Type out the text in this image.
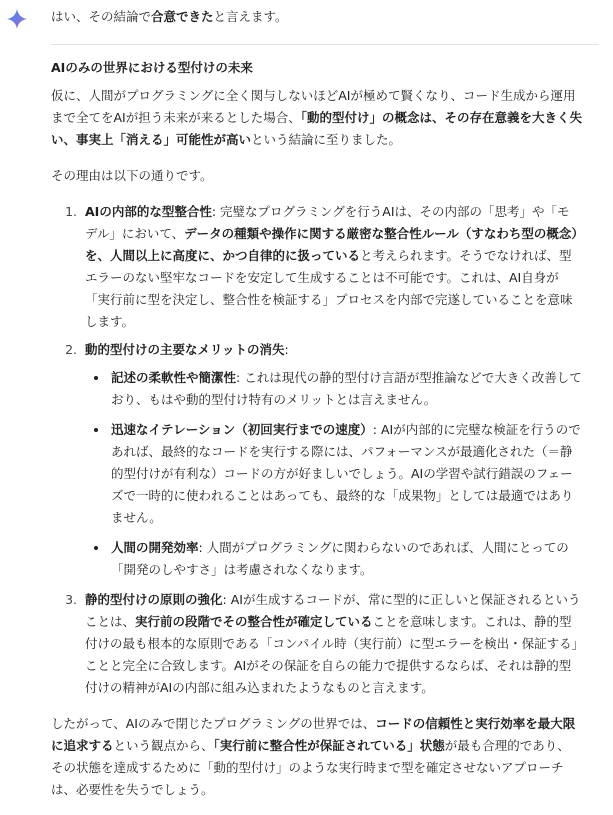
はい、その結論で合意できたと言えます。
AIのみの世界における型付けの未来

仮に、人間がプログラミングに全く関与しないほどAIが極めて賢くなり、コード生成から運用まで全てをAIが担う未来が来るとした場合、「動的型付け」の概念は、その存在意義を大きく失い、事実上「消える」可能性が高いという結論に至りました。

その理由は以下の通りです。

1. AIの内部的な型整合性: 完璧なプログラミングを行うAIは、その内部の「思考」や「モデル」において、データの種類や操作に関する厳密な整合性ルール（すなわち型の概念）を、人間以上に高度に、かつ自律的に扱っていると考えられます。そうでなければ、型エラーのない堅牢なコードを安定して生成することは不可能です。これは、AI自身が「実行前に型を決定し、整合性を検証する」プロセスを内部で完遂していることを意味します。
2. 動的型付けの主要なメリットの消失:
• 記述の柔軟性や簡潔性: これは現代の静的型付け言語が型推論などで大きく改善しており、もはや動的型付け特有のメリットとは言えません。
• 迅速なイテレーション（初回実行までの速度）: AIが内部的に完璧な検証を行うのであれば、最終的なコードを実行する際には、パフォーマンスが最適化された（＝静的型付けが有利な）コードの方が好ましいでしょう。AIの学習や試行錯誤のフェーズで一時的に使われることはあっても、最終的な「成果物」としては最適ではありません。
• 人間の開発効率: 人間がプログラミングに関わらないのであれば、人間にとっての「開発のしやすさ」は考慮されなくなります。
3. 静的型付けの原則の強化: AIが生成するコードが、常に型的に正しいと保証されるということは、実行前の段階でその整合性が確定していることを意味します。これは、静的型付けの最も根本的な原則である「コンパイル時（実行前）に型エラーを検出・保証する」ことと完全に合致します。AIがその保証を自らの能力で提供するならば、それは静的型付けの精神がAIの内部に組み込まれたようなものと言えます。

したがって、AIのみで閉じたプログラミングの世界では、コードの信頼性と実行効率を最大限に追求するという観点から、「実行前に整合性が保証されている」状態が最も合理的であり、その状態を達成するために「動的型付け」のような実行時まで型を確定させないアプローチは、必要性を失うでしょう。
